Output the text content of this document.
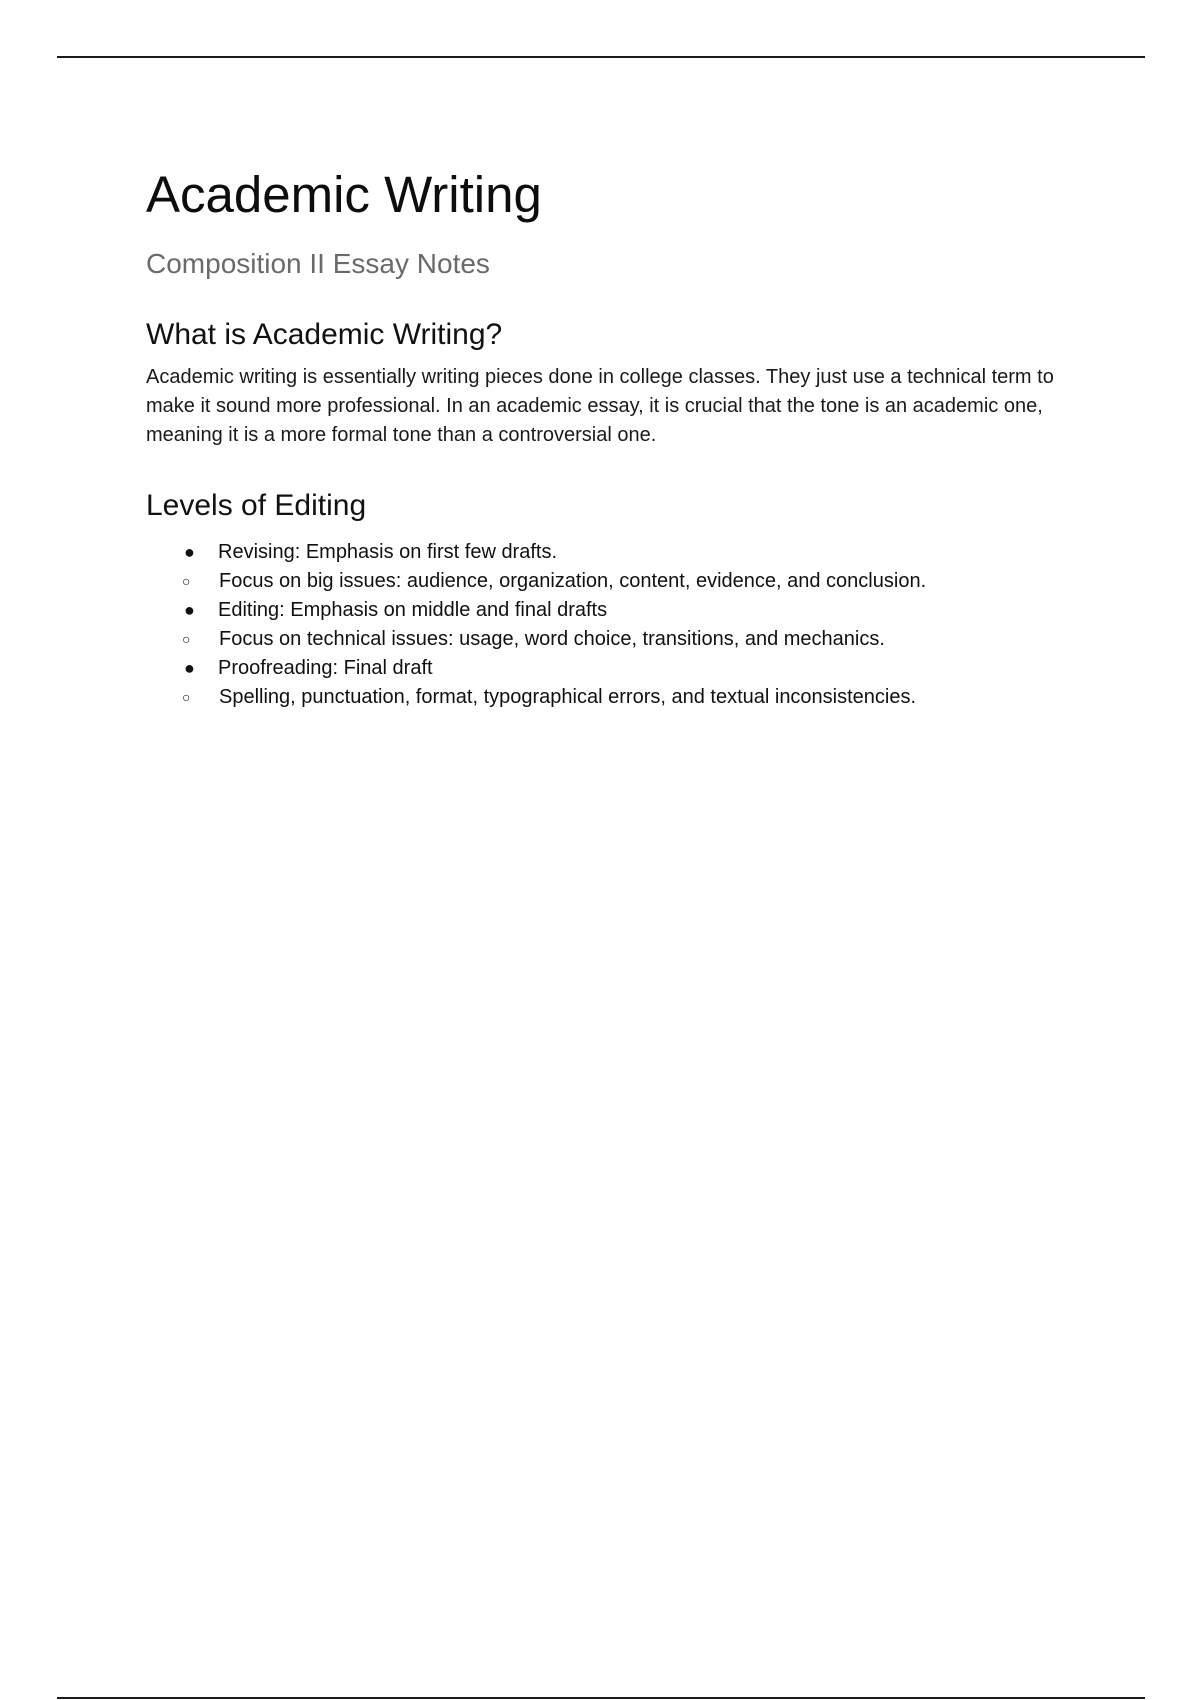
Academic Writing
Composition II Essay Notes
What is Academic Writing?

Academic writing is essentially writing pieces done in college classes. They just use a technical term to make it sound more professional. In an academic essay, it is crucial that the tone is an academic one, meaning it is a more formal tone than a controversial one.

Levels of Editing
● Revising: Emphasis on first few drafts.
○ Focus on big issues: audience, organization, content, evidence, and conclusion.
● Editing: Emphasis on middle and final drafts
○ Focus on technical issues: usage, word choice, transitions, and mechanics.
● Proofreading: Final draft
○ Spelling, punctuation, format, typographical errors, and textual inconsistencies.
